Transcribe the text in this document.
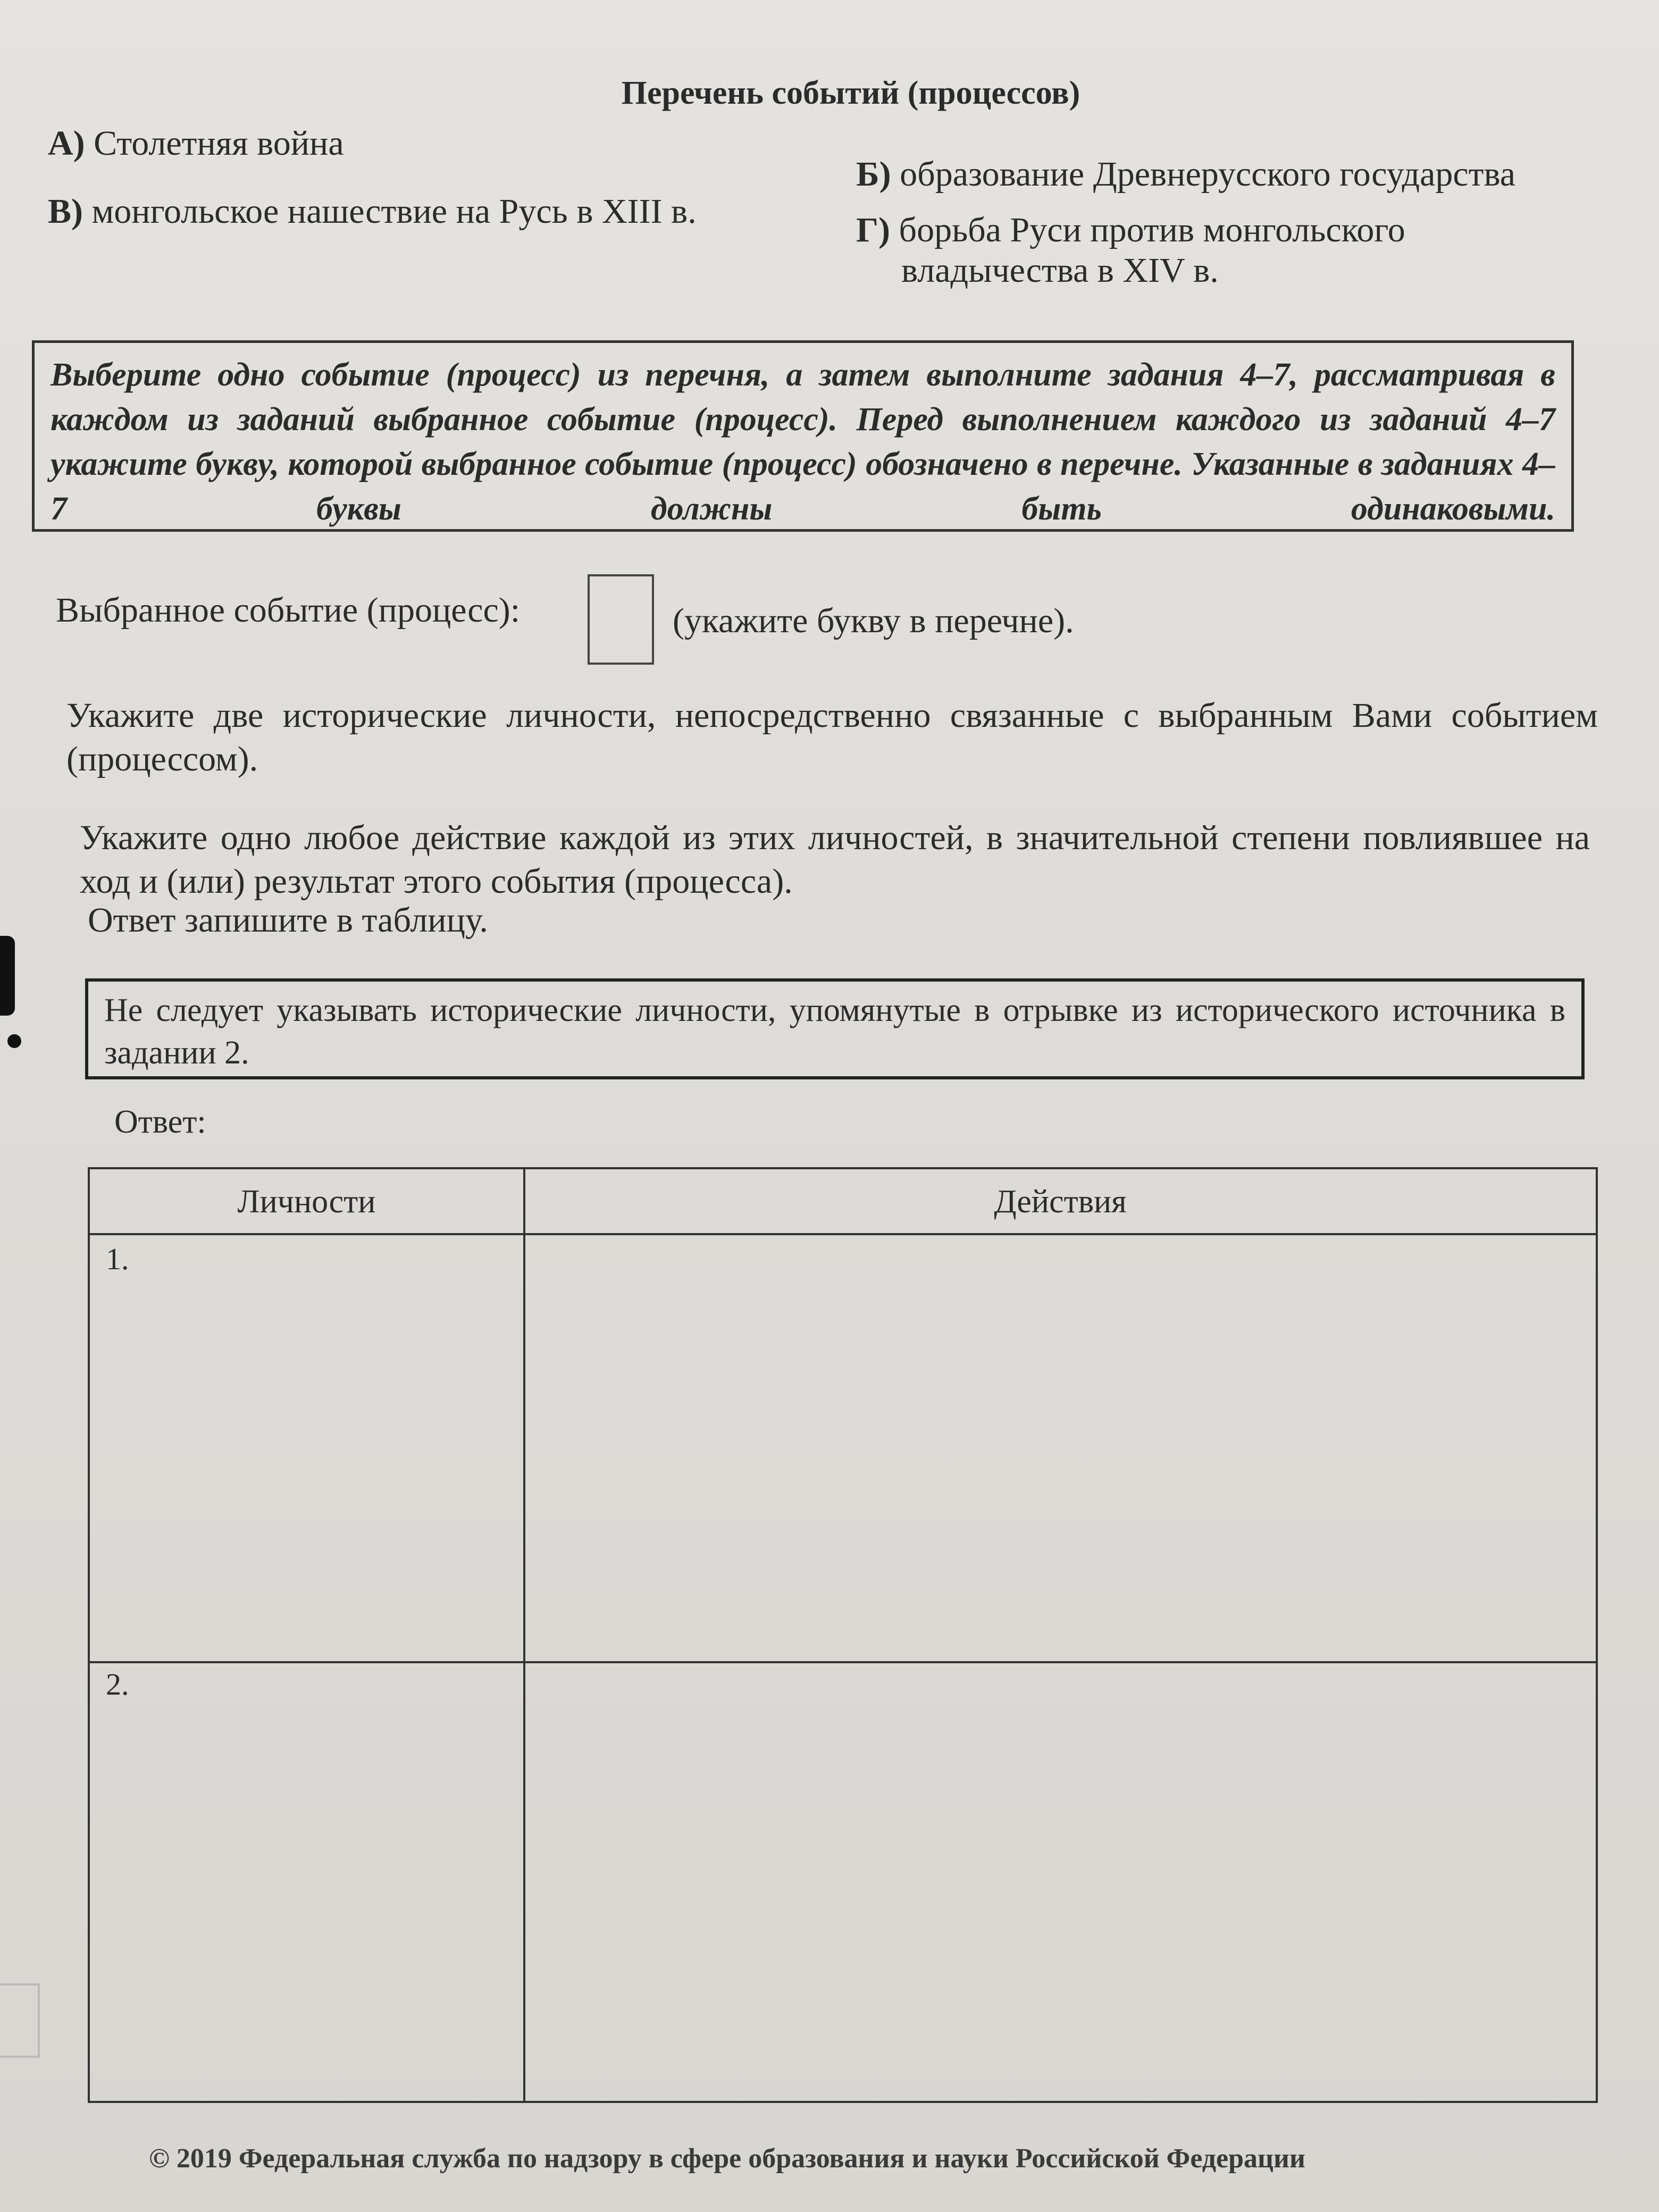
Перечень событий (процессов)
А) Столетняя война
Б) образование Древнерусского государства
В) монгольское нашествие на Русь в XIII в.	Г) борьба Руси против монгольского
владычества в XIV в.
Выберите одно событие (процесс) из перечня, а затем выполните задания 4–7, рассматривая в каждом из заданий выбранное событие (процесс). Перед выполнением каждого из заданий 4–7 укажите букву, которой выбранное событие (процесс) обозначено в перечне. Указанные в заданиях 4–7 буквы должны быть одинаковыми.
Выбранное событие (процесс):	(укажите букву в перечне).
Укажите две исторические личности, непосредственно связанные с выбранным Вами событием (процессом).
Укажите одно любое действие каждой из этих личностей, в значительной степени повлиявшее на ход и (или) результат этого события (процесса).
Ответ запишите в таблицу.
Не следует указывать исторические личности, упомянутые в отрывке из исторического источника в задании 2.
Ответ:
Личности	Действия
1.
2.
© 2019 Федеральная служба по надзору в сфере образования и науки Российской Федерации
